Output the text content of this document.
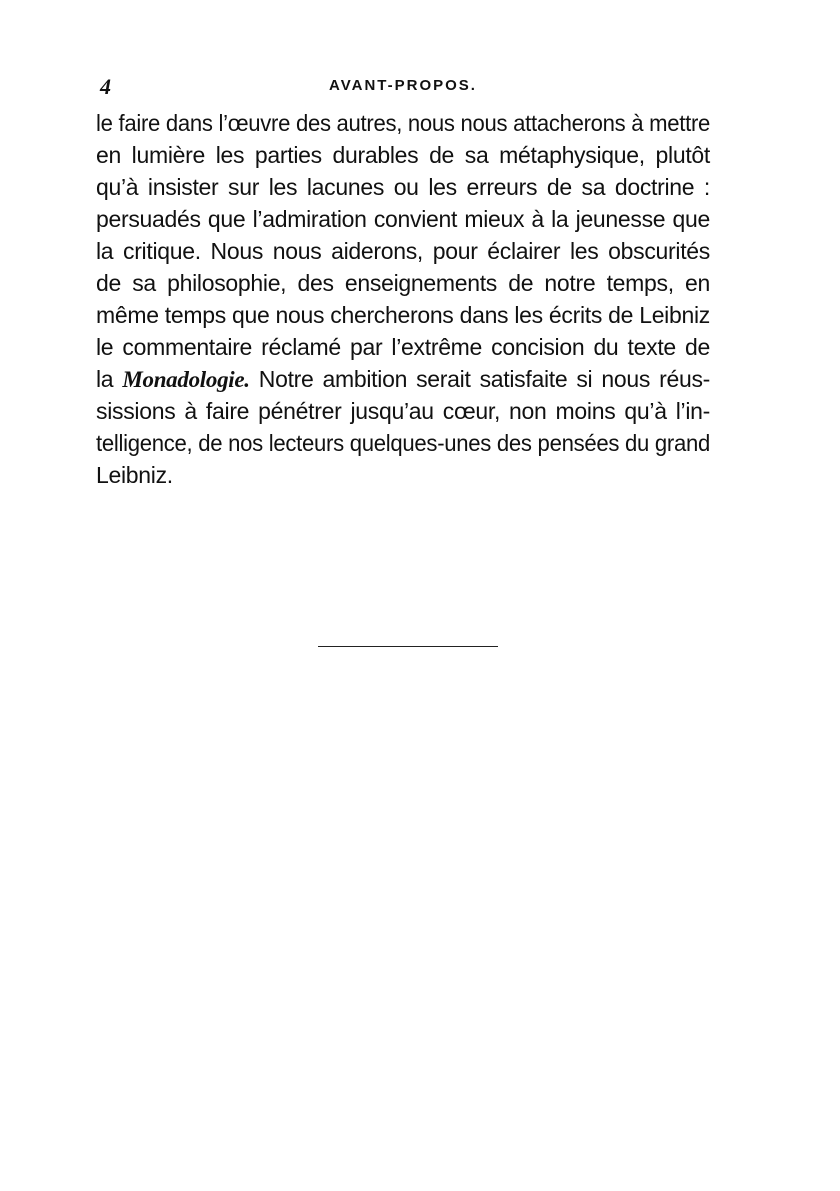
4	AVANT-PROPOS.
le faire dans l’œuvre des autres, nous nous attacherons à mettre
en lumière les parties durables de sa métaphysique, plutôt
qu’à insister sur les lacunes ou les erreurs de sa doctrine :
persuadés que l’admiration convient mieux à la jeunesse que
la critique. Nous nous aiderons, pour éclairer les obscurités
de sa philosophie, des enseignements de notre temps, en
même temps que nous chercherons dans les écrits de Leibniz
le commentaire réclamé par l’extrême concision du texte de
la Monadologie. Notre ambition serait satisfaite si nous réus-
sissions à faire pénétrer jusqu’au cœur, non moins qu’à l’in-
telligence, de nos lecteurs quelques-unes des pensées du grand
Leibniz.
